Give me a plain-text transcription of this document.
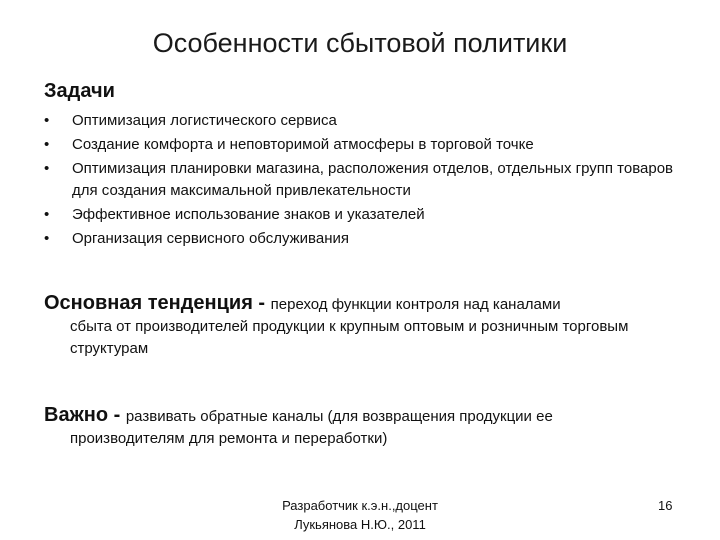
Особенности сбытовой политики
Задачи
• Оптимизация логистического сервиса
• Создание комфорта и неповторимой атмосферы в торговой точке
• Оптимизация планировки магазина, расположения отделов, отдельных групп товаров для создания максимальной привлекательности
• Эффективное использование знаков и указателей
• Организация сервисного обслуживания
Основная тенденция - переход функции контроля над каналами
сбыта от производителей продукции к крупным оптовым и розничным торговым структурам
Важно - развивать обратные каналы (для возвращения продукции ее
производителям для ремонта и переработки)
Разработчик к.э.н.,доцент
Лукьянова Н.Ю., 2011
16
